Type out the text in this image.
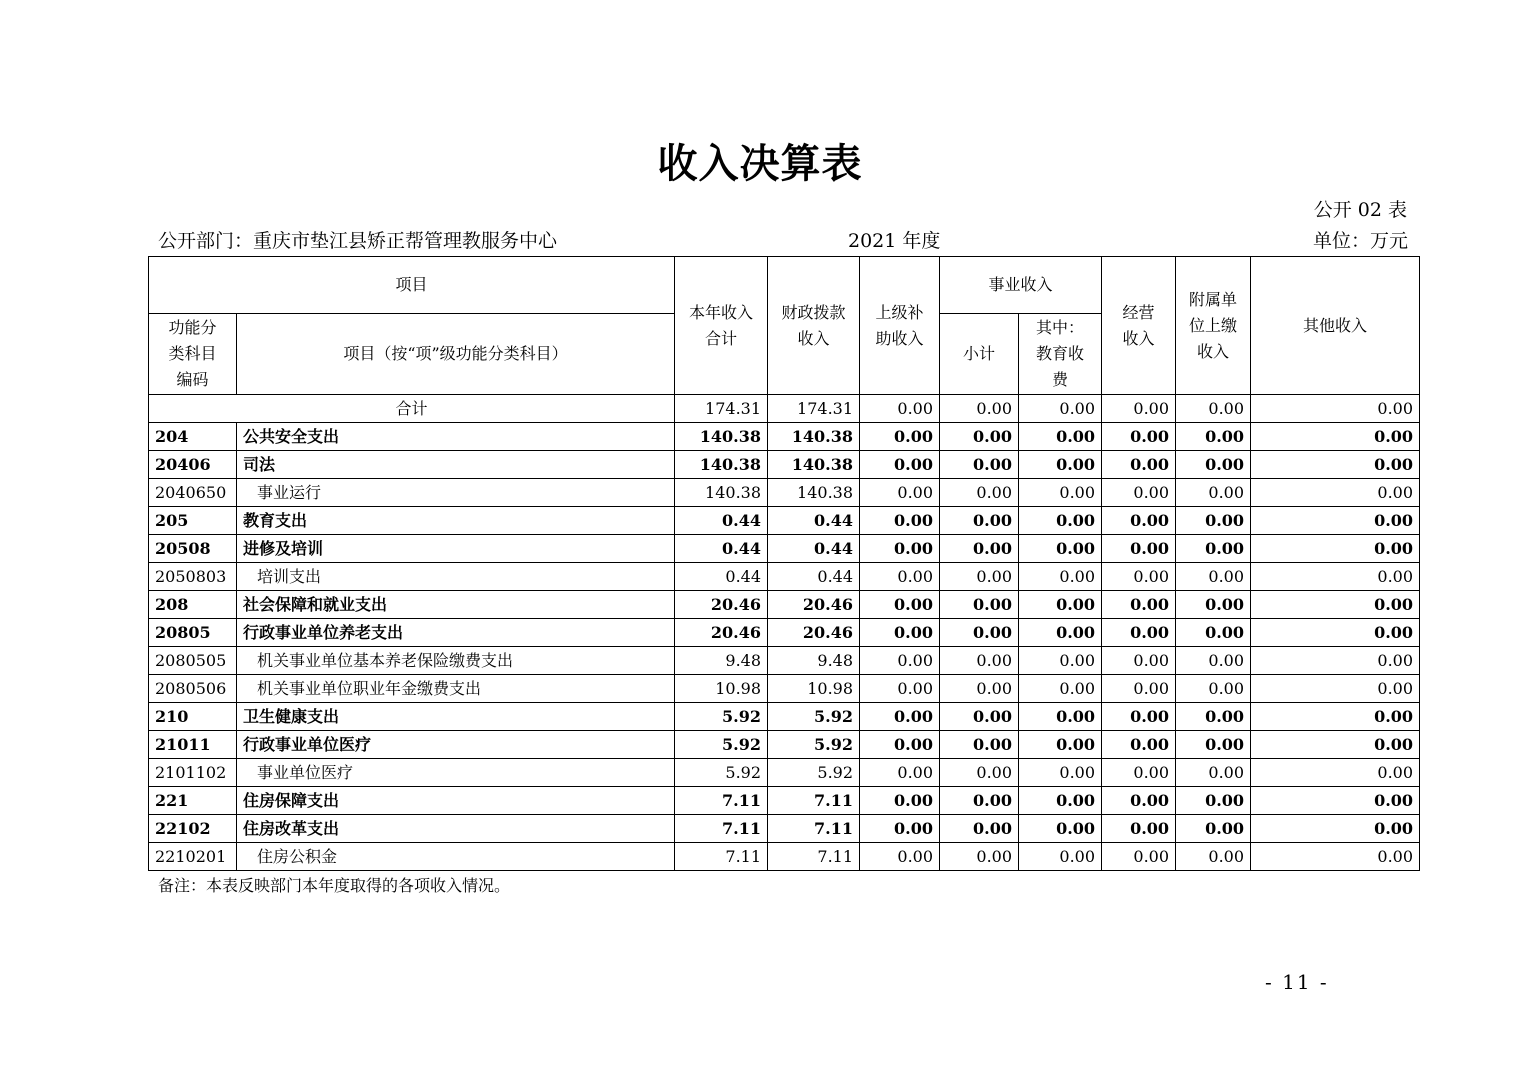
收入决算表
公开 02 表
公开部门：重庆市垫江县矫正帮管理教服务中心	2021 年度	单位：万元
项目		本年收入合计	财政拨款收入	上级补助收入	事业收入		经营收入	附属单位上缴收入	其他收入

功能分类科目编码	项目（按“项”级功能分类科目）				小计	其中：教育收费			

合计		174.31	174.31	0.00	0.00	0.00	0.00	0.00	0.00
204	公共安全支出	140.38	140.38	0.00	0.00	0.00	0.00	0.00	0.00
20406	司法	140.38	140.38	0.00	0.00	0.00	0.00	0.00	0.00
2040650	事业运行	140.38	140.38	0.00	0.00	0.00	0.00	0.00	0.00
205	教育支出	0.44	0.44	0.00	0.00	0.00	0.00	0.00	0.00
20508	进修及培训	0.44	0.44	0.00	0.00	0.00	0.00	0.00	0.00
2050803	培训支出	0.44	0.44	0.00	0.00	0.00	0.00	0.00	0.00
208	社会保障和就业支出	20.46	20.46	0.00	0.00	0.00	0.00	0.00	0.00
20805	行政事业单位养老支出	20.46	20.46	0.00	0.00	0.00	0.00	0.00	0.00
2080505	机关事业单位基本养老保险缴费支出	9.48	9.48	0.00	0.00	0.00	0.00	0.00	0.00
2080506	机关事业单位职业年金缴费支出	10.98	10.98	0.00	0.00	0.00	0.00	0.00	0.00
210	卫生健康支出	5.92	5.92	0.00	0.00	0.00	0.00	0.00	0.00
21011	行政事业单位医疗	5.92	5.92	0.00	0.00	0.00	0.00	0.00	0.00
2101102	事业单位医疗	5.92	5.92	0.00	0.00	0.00	0.00	0.00	0.00
221	住房保障支出	7.11	7.11	0.00	0.00	0.00	0.00	0.00	0.00
22102	住房改革支出	7.11	7.11	0.00	0.00	0.00	0.00	0.00	0.00
2210201	住房公积金	7.11	7.11	0.00	0.00	0.00	0.00	0.00	0.00
备注：本表反映部门本年度取得的各项收入情况。
- 11 -
